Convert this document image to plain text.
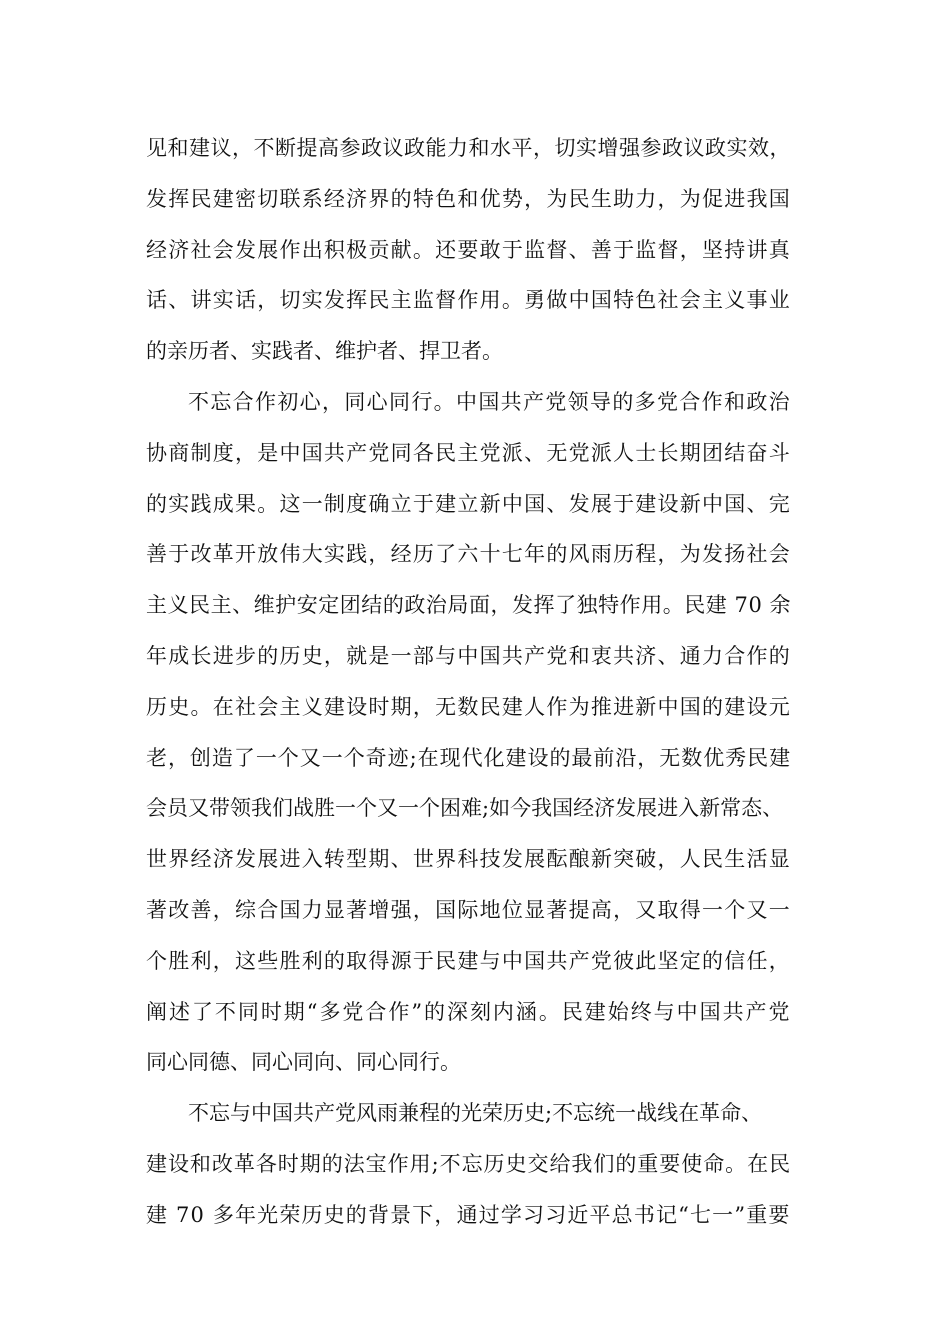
见和建议，不断提高参政议政能力和水平，切实增强参政议政实效，
发挥民建密切联系经济界的特色和优势，为民生助力，为促进我国
经济社会发展作出积极贡献。还要敢于监督、善于监督，坚持讲真
话、讲实话，切实发挥民主监督作用。勇做中国特色社会主义事业
的亲历者、实践者、维护者、捍卫者。
不忘合作初心，同心同行。中国共产党领导的多党合作和政治
协商制度，是中国共产党同各民主党派、无党派人士长期团结奋斗
的实践成果。这一制度确立于建立新中国、发展于建设新中国、完
善于改革开放伟大实践，经历了六十七年的风雨历程，为发扬社会
主义民主、维护安定团结的政治局面，发挥了独特作用。民建 70 余
年成长进步的历史，就是一部与中国共产党和衷共济、通力合作的
历史。在社会主义建设时期，无数民建人作为推进新中国的建设元
老，创造了一个又一个奇迹;在现代化建设的最前沿，无数优秀民建
会员又带领我们战胜一个又一个困难;如今我国经济发展进入新常态、
世界经济发展进入转型期、世界科技发展酝酿新突破，人民生活显
著改善，综合国力显著增强，国际地位显著提高，又取得一个又一
个胜利，这些胜利的取得源于民建与中国共产党彼此坚定的信任，
阐述了不同时期“多党合作”的深刻内涵。民建始终与中国共产党
同心同德、同心同向、同心同行。
不忘与中国共产党风雨兼程的光荣历史;不忘统一战线在革命、
建设和改革各时期的法宝作用;不忘历史交给我们的重要使命。在民
建 70 多年光荣历史的背景下，通过学习习近平总书记“七一”重要
